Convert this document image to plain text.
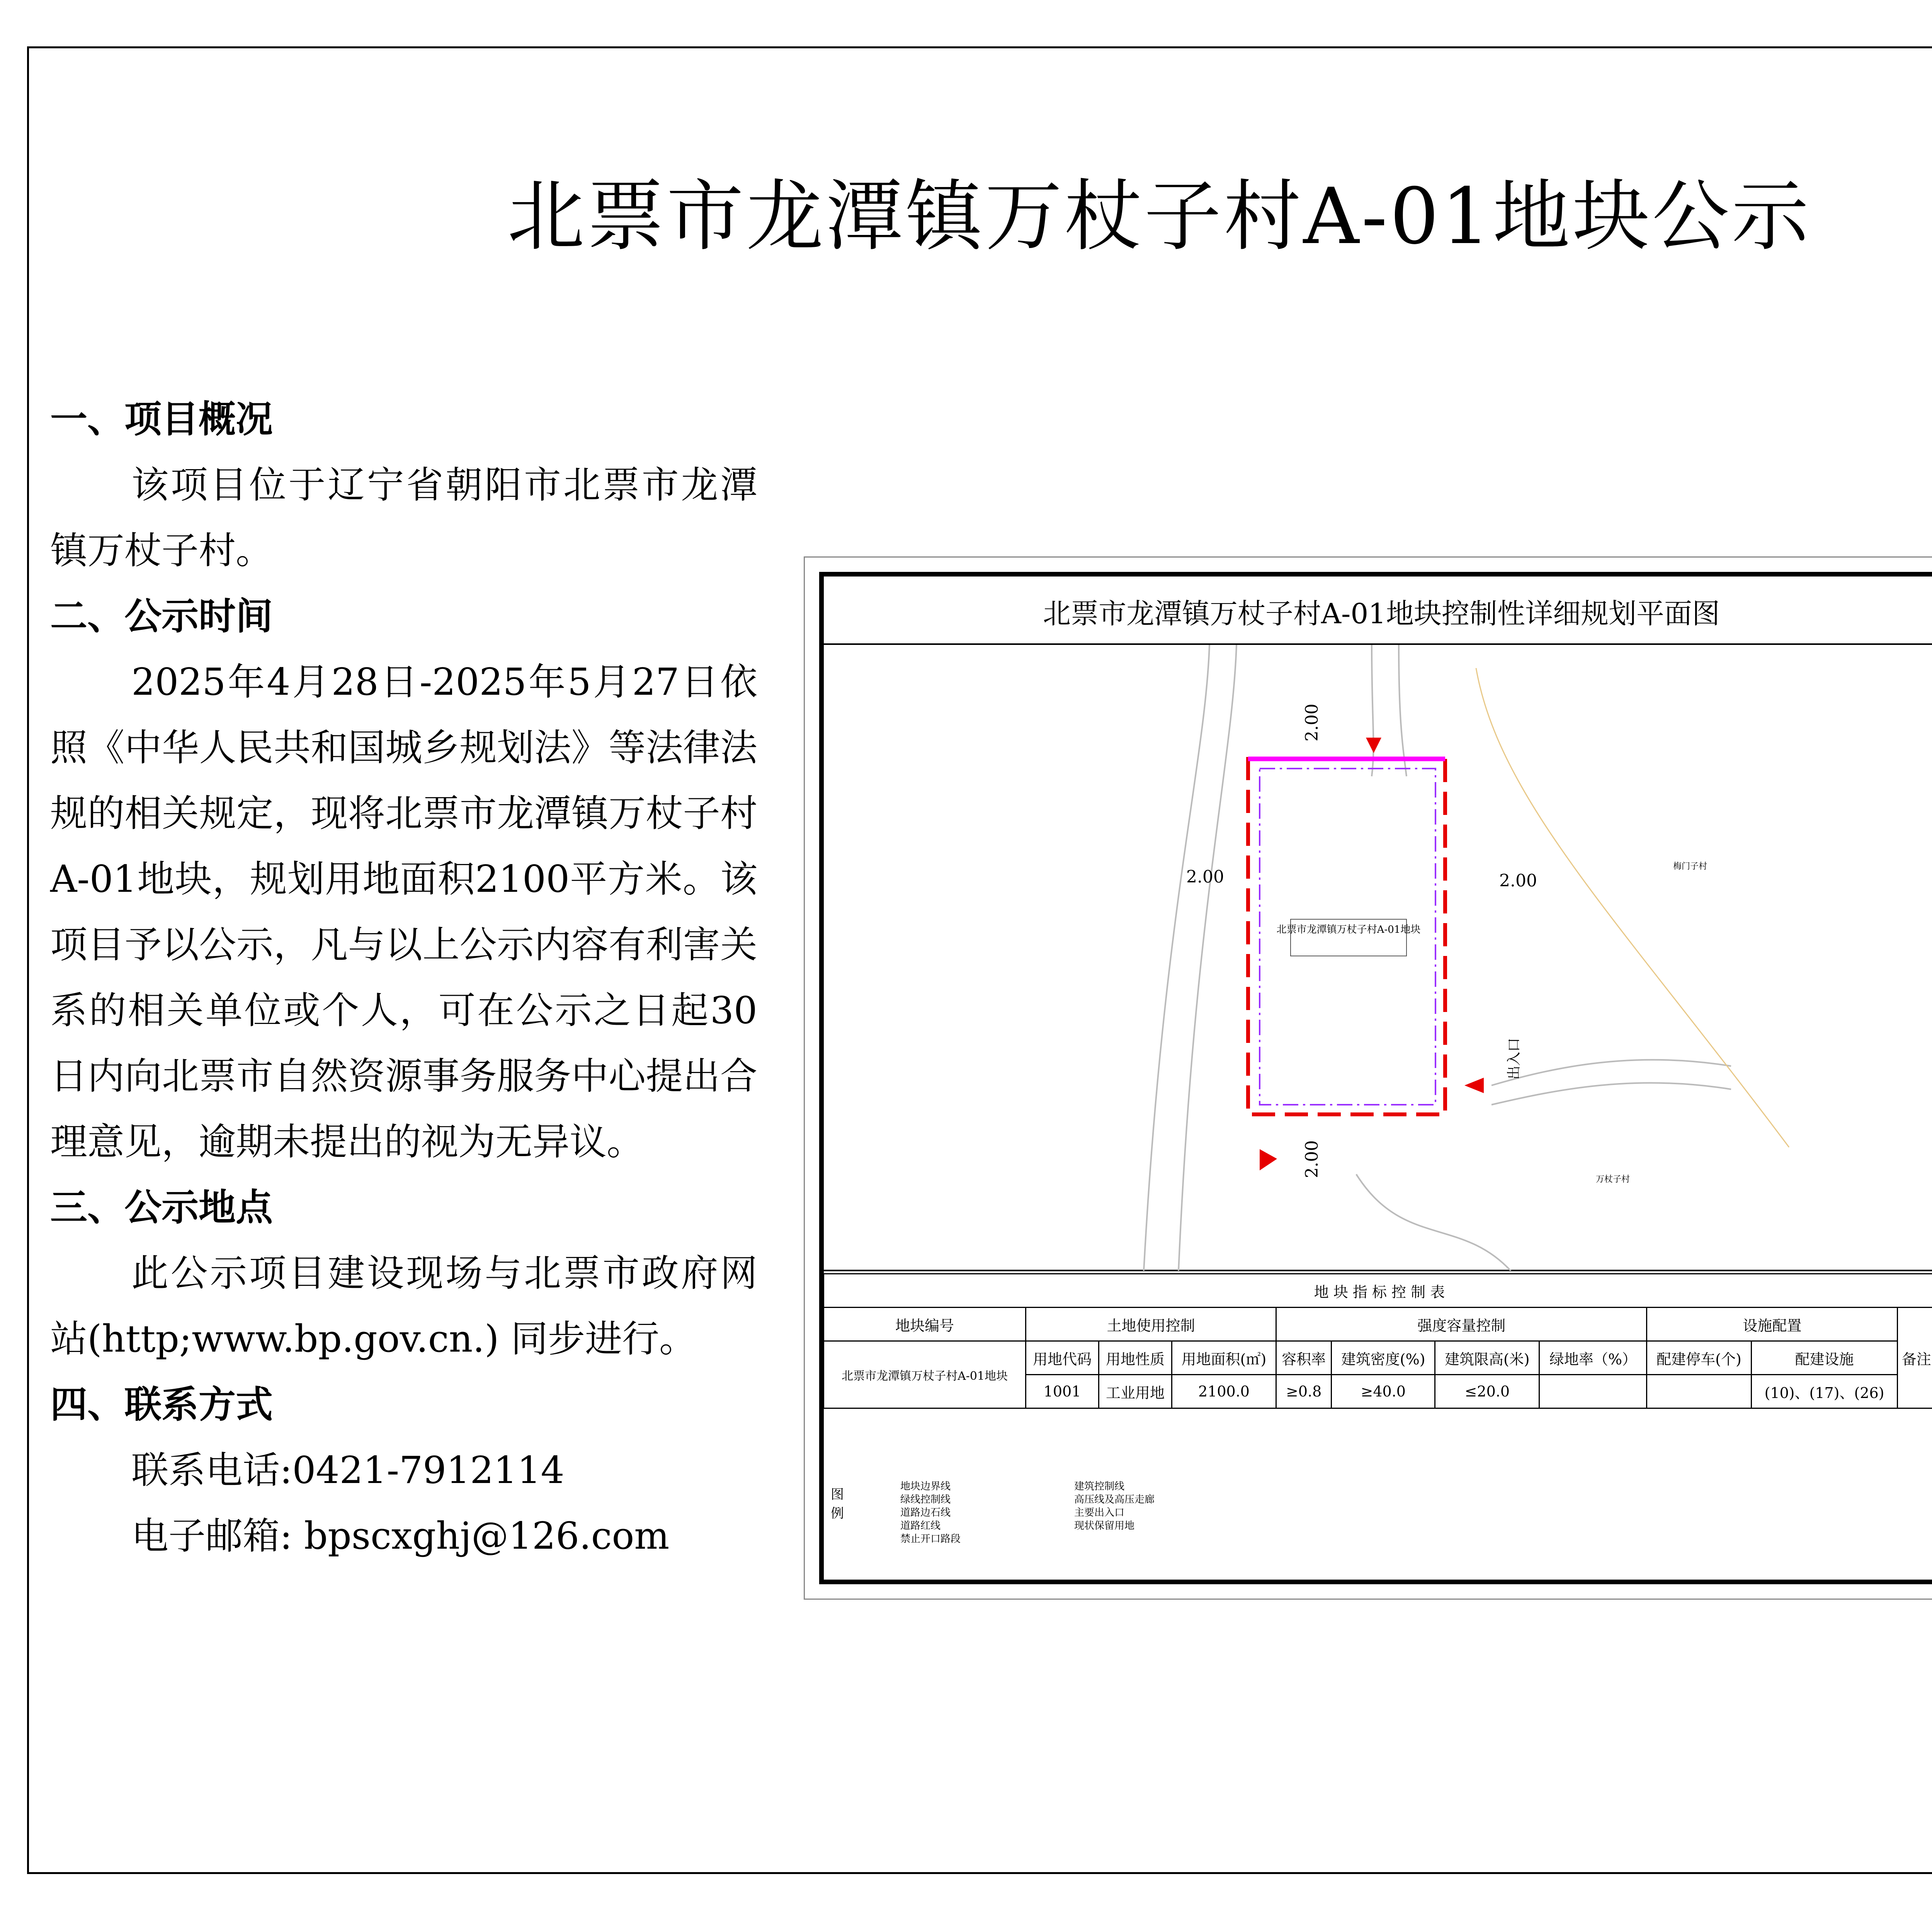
北票市龙潭镇万杖子村A-01地块公示
一、项目概况

该项目位于辽宁省朝阳市北票市龙潭镇万杖子村。

二、公示时间

2025年4月28日-2025年5月27日依照《中华人民共和国城乡规划法》等法律法规的相关规定，现将北票市龙潭镇万杖子村A-01地块，规划用地面积2100平方米。该项目予以公示，凡与以上公示内容有利害关系的相关单位或个人，可在公示之日起30日内向北票市自然资源事务服务中心提出合理意见，逾期未提出的视为无异议。

三、公示地点

此公示项目建设现场与北票市政府网站(http;www.bp.gov.cn.) 同步进行。

四、联系方式
联系电话:0421-7912114
电子邮箱: bpscxghj@126.com
北票市龙潭镇万杖子村A-01地块控制性详细规划平面图
北票市龙潭镇万杖子村A-01地块
2.00
2.00	2.00
2.00
出入口
梅门子村
万杖子村
地 块 指 标 控 制 表										
地块编号	土地使用控制			强度容量控制				设施配置		备注
北票市龙潭镇万杖子村A-01地块	用地代码	用地性质	用地面积(㎡)	容积率	建筑密度(%)	建筑限高(米)	绿地率（%）	配建停车(个)	配建设施	
	1001	工业用地	2100.0	≥0.8	≥40.0	≤20.0			(10)、(17)、(26)	
图 例
地块边界线
绿线控制线
道路边石线
道路红线
禁止开口路段
建筑控制线
高压线及高压走廊
主要出入口
现状保留用地
